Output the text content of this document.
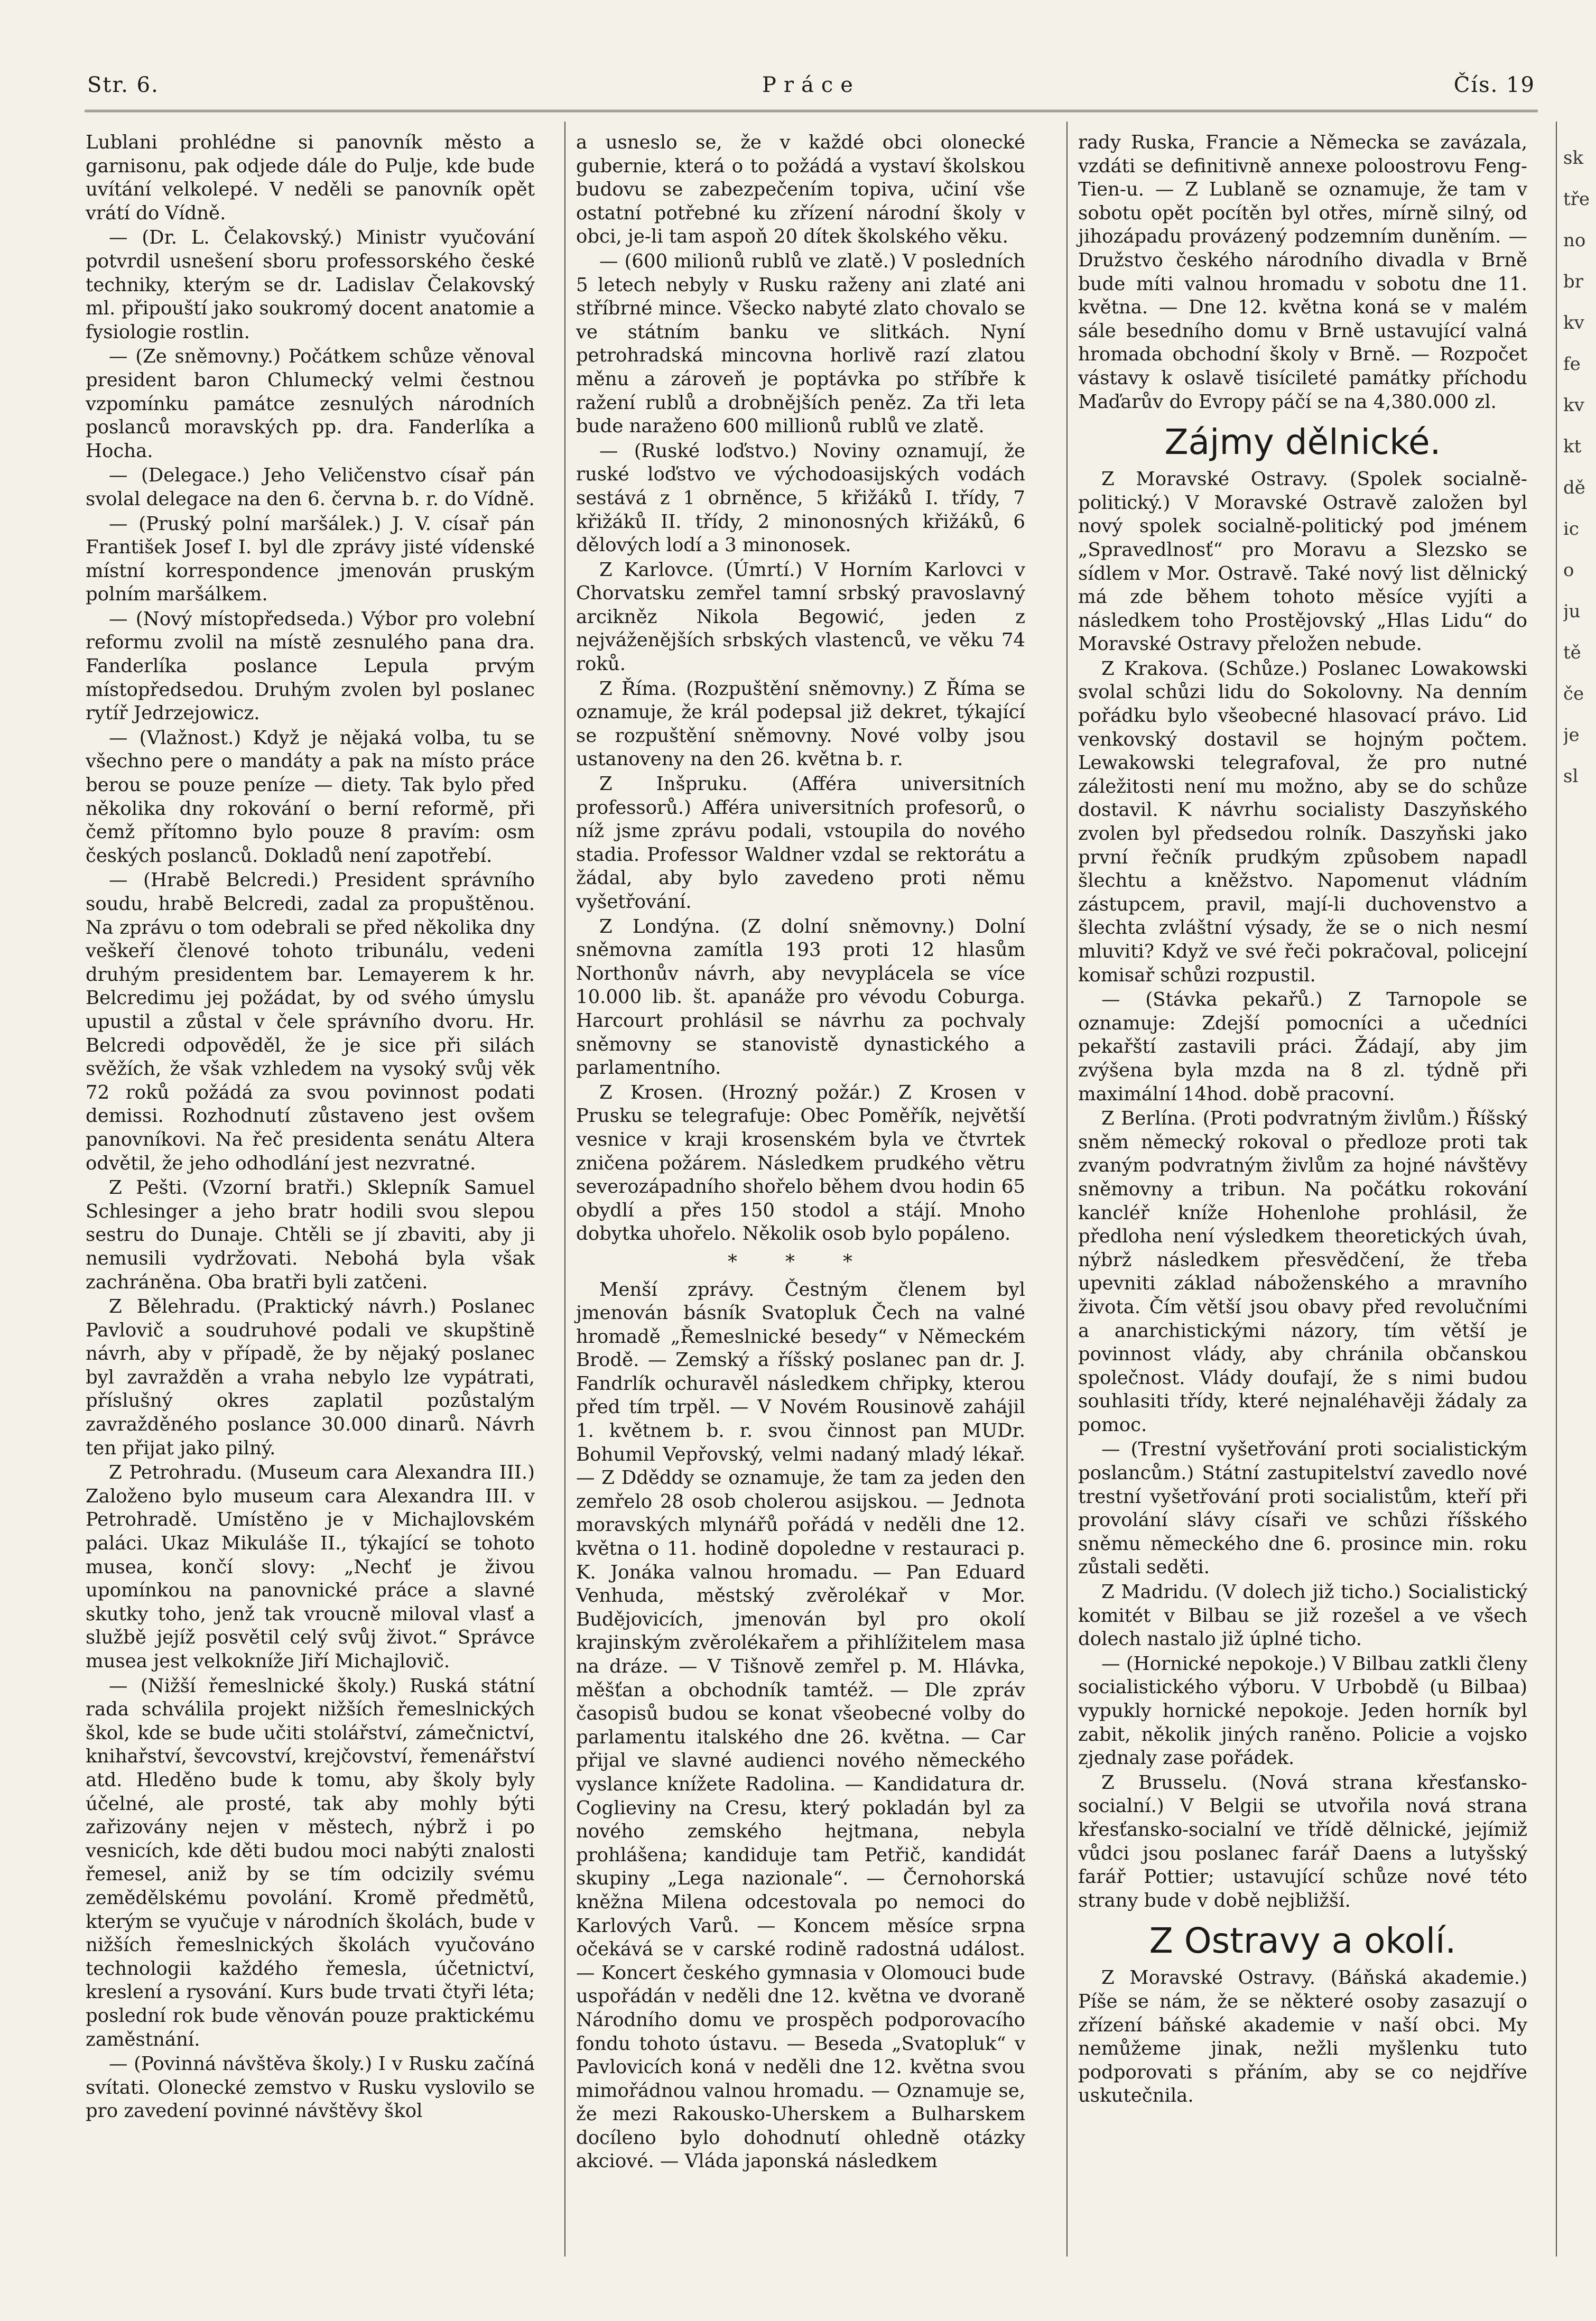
Str. 6.	Práce	Čís. 19

Lublani prohlédne si panovník město a garnisonu, pak odjede dále do Pulje, kde bude uvítání velkolepé. V neděli se panovník opět vrátí do Vídně.

— (Dr. L. Čelakovský.) Ministr vyučování potvrdil usnešení sboru professorského české techniky, kterým se dr. Ladislav Čelakovský ml. připouští jako soukromý docent anatomie a fysiologie rostlin.

— (Ze sněmovny.) Počátkem schůze věnoval president baron Chlumecký velmi čestnou vzpomínku památce zesnulých národních poslanců moravských pp. dra. Fanderlíka a Hocha.

— (Delegace.) Jeho Veličenstvo císař pán svolal delegace na den 6. června b. r. do Vídně.

— (Pruský polní maršálek.) J. V. císař pán František Josef I. byl dle zprávy jisté vídenské místní korrespondence jmenován pruským polním maršálkem.

— (Nový místopředseda.) Výbor pro volební reformu zvolil na místě zesnulého pana dra. Fanderlíka poslance Lepula prvým místopředsedou. Druhým zvolen byl poslanec rytíř Jedrzejowicz.

— (Vlažnost.) Když je nějaká volba, tu se všechno pere o mandáty a pak na místo práce berou se pouze peníze — diety. Tak bylo před několika dny rokování o berní reformě, při čemž přítomno bylo pouze 8 pravím: osm českých poslanců. Dokladů není zapotřebí.

— (Hrabě Belcredi.) President správního soudu, hrabě Belcredi, zadal za propuštěnou. Na zprávu o tom odebrali se před několika dny veškeří členové tohoto tribunálu, vedeni druhým presidentem bar. Lemayerem k hr. Belcredimu jej požádat, by od svého úmyslu upustil a zůstal v čele správního dvoru. Hr. Belcredi odpověděl, že je sice při silách svěžích, že však vzhledem na vysoký svůj věk 72 roků požádá za svou povinnost podati demissi. Rozhodnutí zůstaveno jest ovšem panovníkovi. Na řeč presidenta senátu Altera odvětil, že jeho odhodlání jest nezvratné.

Z Pešti. (Vzorní bratři.) Sklepník Samuel Schlesinger a jeho bratr hodili svou slepou sestru do Dunaje. Chtěli se jí zbaviti, aby ji nemusili vydržovati. Nebohá byla však zachráněna. Oba bratři byli zatčeni.

Z Bělehradu. (Praktický návrh.) Poslanec Pavlovič a soudruhové podali ve skupštině návrh, aby v případě, že by nějaký poslanec byl zavražděn a vraha nebylo lze vypátrati, příslušný okres zaplatil pozůstalým zavražděného poslance 30.000 dinarů. Návrh ten přijat jako pilný.

Z Petrohradu. (Museum cara Alexandra III.) Založeno bylo museum cara Alexandra III. v Petrohradě. Umístěno je v Michajlovském paláci. Ukaz Mikuláše II., týkající se tohoto musea, končí slovy: „Nechť je živou upomínkou na panovnické práce a slavné skutky toho, jenž tak vroucně miloval vlasť a službě jejíž posvětil celý svůj život.“ Správce musea jest velkokníže Jiří Michajlovič.

— (Nižší řemeslnické školy.) Ruská státní rada schválila projekt nižších řemeslnických škol, kde se bude učiti stolářství, zámečnictví, knihařství, ševcovství, krejčovství, řemenářství atd. Hleděno bude k tomu, aby školy byly účelné, ale prosté, tak aby mohly býti zařizovány nejen v městech, nýbrž i po vesnicích, kde děti budou moci nabýti znalosti řemesel, aniž by se tím odcizily svému zemědělskému povolání. Kromě předmětů, kterým se vyučuje v národních školách, bude v nižších řemeslnických školách vyučováno technologii každého řemesla, účetnictví, kreslení a rysování. Kurs bude trvati čtyři léta; poslední rok bude věnován pouze praktickému zaměstnání.

— (Povinná návštěva školy.) I v Rusku začíná svítati. Olonecké zemstvo v Rusku vyslovilo se pro zavedení povinné návštěvy škol

a usneslo se, že v každé obci olonecké gubernie, která o to požádá a vystaví školskou budovu se zabezpečením topiva, učiní vše ostatní potřebné ku zřízení národní školy v obci, je-li tam aspoň 20 dítek školského věku.

— (600 milionů rublů ve zlatě.) V posledních 5 letech nebyly v Rusku raženy ani zlaté ani stříbrné mince. Všecko nabyté zlato chovalo se ve státním banku ve slitkách. Nyní petrohradská mincovna horlivě razí zlatou měnu a zároveň je poptávka po stříbře k ražení rublů a drobnějších peněz. Za tři leta bude naraženo 600 millionů rublů ve zlatě.

— (Ruské loďstvo.) Noviny oznamují, že ruské loďstvo ve východoasijských vodách sestává z 1 obrněnce, 5 křižáků I. třídy, 7 křižáků II. třídy, 2 minonosných křižáků, 6 dělových lodí a 3 minonosek.

Z Karlovce. (Úmrtí.) V Horním Karlovci v Chorvatsku zemřel tamní srbský pravoslavný arcikněz Nikola Begowić, jeden z nejváženějších srbských vlastenců, ve věku 74 roků.

Z Říma. (Rozpuštění sněmovny.) Z Říma se oznamuje, že král podepsal již dekret, týkající se rozpuštění sněmovny. Nové volby jsou ustanoveny na den 26. května b. r.

Z Inšpruku. (Afféra universitních professorů.) Afféra universitních profesorů, o níž jsme zprávu podali, vstoupila do nového stadia. Professor Waldner vzdal se rektorátu a žádal, aby bylo zavedeno proti němu vyšetřování.

Z Londýna. (Z dolní sněmovny.) Dolní sněmovna zamítla 193 proti 12 hlasům Northonův návrh, aby nevyplácela se více 10.000 lib. št. apanáže pro vévodu Coburga. Harcourt prohlásil se návrhu za pochvaly sněmovny se stanovistě dynastického a parlamentního.

Z Krosen. (Hrozný požár.) Z Krosen v Prusku se telegrafuje: Obec Poměřík, největší vesnice v kraji krosenském byla ve čtvrtek zničena požárem. Následkem prudkého větru severozápadního shořelo během dvou hodin 65 obydlí a přes 150 stodol a stájí. Mnoho dobytka uhořelo. Několik osob bylo popáleno.

* * *

Menší zprávy. Čestným členem byl jmenován básník Svatopluk Čech na valné hromadě „Řemeslnické besedy“ v Německém Brodě. — Zemský a říšský poslanec pan dr. J. Fandrlík ochuravěl následkem chřipky, kterou před tím trpěl. — V Novém Rousinově zahájil 1. květnem b. r. svou činnost pan MUDr. Bohumil Vepřovský, velmi nadaný mladý lékař. — Z Dděddy se oznamuje, že tam za jeden den zemřelo 28 osob cholerou asijskou. — Jednota moravských mlynářů pořádá v neděli dne 12. května o 11. hodině dopoledne v restauraci p. K. Jonáka valnou hromadu. — Pan Eduard Venhuda, městský zvěrolékař v Mor. Budějovicích, jmenován byl pro okolí krajinským zvěrolékařem a přihlížitelem masa na dráze. — V Tišnově zemřel p. M. Hlávka, měšťan a obchodník tamtéž. — Dle zpráv časopisů budou se konat všeobecné volby do parlamentu italského dne 26. května. — Car přijal ve slavné audienci nového německého vyslance knížete Radolina. — Kandidatura dr. Coglieviny na Cresu, který pokladán byl za nového zemského hejtmana, nebyla prohlášena; kandiduje tam Petřič, kandidát skupiny „Lega nazionale“. — Černohorská kněžna Milena odcestovala po nemoci do Karlových Varů. — Koncem měsíce srpna očekává se v carské rodině radostná událost. — Koncert českého gymnasia v Olomouci bude uspořádán v neděli dne 12. května ve dvoraně Národního domu ve prospěch podporovacího fondu tohoto ústavu. — Beseda „Svatopluk“ v Pavlovicích koná v neděli dne 12. května svou mimořádnou valnou hromadu. — Oznamuje se, že mezi Rakousko-Uherskem a Bulharskem docíleno bylo dohodnutí ohledně otázky akciové. — Vláda japonská následkem

rady Ruska, Francie a Německa se zavázala, vzdáti se definitivně annexe poloostrovu Feng-Tien-u. — Z Lublaně se oznamuje, že tam v sobotu opět pocítěn byl otřes, mírně silný, od jihozápadu provázený podzemním duněním. — Družstvo českého národního divadla v Brně bude míti valnou hromadu v sobotu dne 11. května. — Dne 12. května koná se v malém sále besedního domu v Brně ustavující valná hromada obchodní školy v Brně. — Rozpočet vástavy k oslavě tisícileté památky příchodu Maďarův do Evropy páčí se na 4,380.000 zl.

Zájmy dělnické.

Z Moravské Ostravy. (Spolek socialně-politický.) V Moravské Ostravě založen byl nový spolek socialně-politický pod jménem „Spravedlnosť“ pro Moravu a Slezsko se sídlem v Mor. Ostravě. Také nový list dělnický má zde během tohoto měsíce vyjíti a následkem toho Prostějovský „Hlas Lidu“ do Moravské Ostravy přeložen nebude.

Z Krakova. (Schůze.) Poslanec Lowakowski svolal schůzi lidu do Sokolovny. Na denním pořádku bylo všeobecné hlasovací právo. Lid venkovský dostavil se hojným počtem. Lewakowski telegrafoval, že pro nutné záležitosti není mu možno, aby se do schůze dostavil. K návrhu socialisty Daszyňského zvolen byl předsedou rolník. Daszyňski jako první řečník prudkým způsobem napadl šlechtu a kněžstvo. Napomenut vládním zástupcem, pravil, mají-li duchovenstvo a šlechta zvláštní výsady, že se o nich nesmí mluviti? Když ve své řeči pokračoval, policejní komisař schůzi rozpustil.

— (Stávka pekařů.) Z Tarnopole se oznamuje: Zdejší pomocníci a učedníci pekařští zastavili práci. Žádají, aby jim zvýšena byla mzda na 8 zl. týdně při maximální 14hod. době pracovní.

Z Berlína. (Proti podvratným živlům.) Říšský sněm německý rokoval o předloze proti tak zvaným podvratným živlům za hojné návštěvy sněmovny a tribun. Na počátku rokování kancléř kníže Hohenlohe prohlásil, že předloha není výsledkem theoretických úvah, nýbrž následkem přesvědčení, že třeba upevniti základ náboženského a mravního života. Čím větší jsou obavy před revolučními a anarchistickými názory, tím větší je povinnost vlády, aby chránila občanskou společnost. Vlády doufají, že s nimi budou souhlasiti třídy, které nejnaléhavěji žádaly za pomoc.

— (Trestní vyšetřování proti socialistickým poslancům.) Státní zastupitelství zavedlo nové trestní vyšetřování proti socialistům, kteří při provolání slávy císaři ve schůzi říšského sněmu německého dne 6. prosince min. roku zůstali seděti.

Z Madridu. (V dolech již ticho.) Socialistický komitét v Bilbau se již rozešel a ve všech dolech nastalo již úplné ticho.

— (Hornické nepokoje.) V Bilbau zatkli členy socialistického výboru. V Urbobdě (u Bilbaa) vypukly hornické nepokoje. Jeden horník byl zabit, několik jiných raněno. Policie a vojsko zjednaly zase pořádek.

Z Brusselu. (Nová strana křesťansko-socialní.) V Belgii se utvořila nová strana křesťansko-socialní ve třídě dělnické, jejímiž vůdci jsou poslanec farář Daens a lutyšský farář Pottier; ustavující schůze nové této strany bude v době nejbližší.

Z Ostravy a okolí.

Z Moravské Ostravy. (Báňská akademie.) Píše se nám, že se některé osoby zasazují o zřízení báňské akademie v naší obci. My nemůžeme jinak, nežli myšlenku tuto podporovati s přáním, aby se co nejdříve uskutečnila.

sk
tře
no
br
kv
fe
kv
kt
dě
ic
o
ju
tě
če
je
sl
